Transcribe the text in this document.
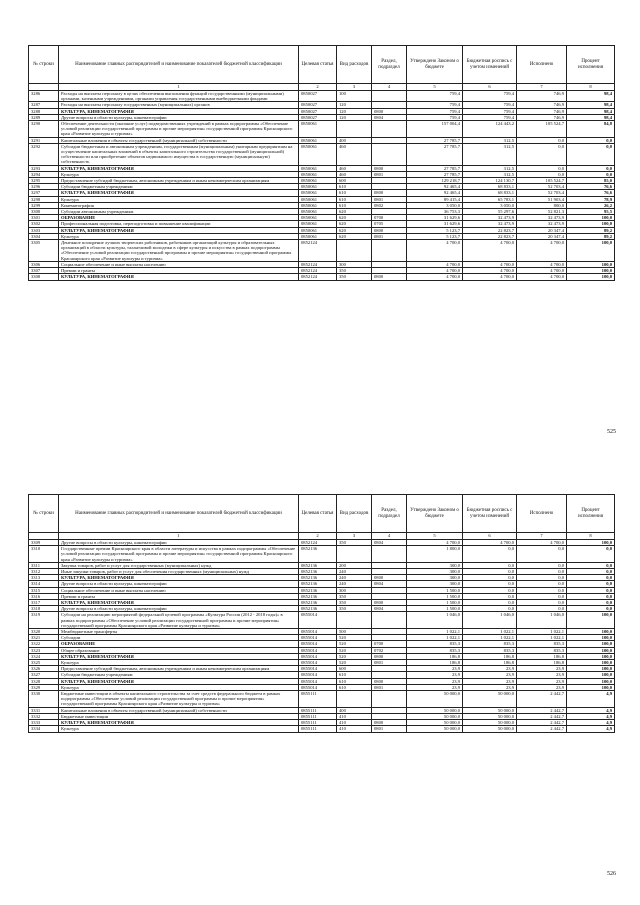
№ строки	Наименование главных распорядителей и наименование показателей бюджетной классификации	Целевая статья	Вид расходов	Раздел, подраздел	Утверждено Законом о бюджете	Бюджетная роспись с учетом изменений	Исполнено	Процент исполнения
	1	2	3	4	5	6	7	8
3286	Расходы на выплаты персоналу в целях обеспечения выполнения функций государственными (муниципальными) органами, казенными учреждениями, органами управления государственными внебюджетными фондами	0850027	100		759,4	759,4	746,9	98,4
3287	Расходы на выплаты персоналу государственных (муниципальных) органов	0850027	120		759,4	759,4	746,9	98,4
3288	КУЛЬТУРА, КИНЕМАТОГРАФИЯ	0850027	120	0800	759,4	759,4	746,9	98,4
3289	Другие вопросы в области культуры, кинематографии	0850027	120	0804	759,4	759,4	746,9	98,4
3290	Обеспечение деятельности (оказание услуг) подведомственных учреждений в рамках подпрограммы «Обеспечение условий реализации государственной программы и прочие мероприятия» государственной программы Красноярского края «Развитие культуры и туризма»	0850061			157 004,4	124 443,2	105 524,7	84,8
3291	Капитальные вложения в объекты государственной (муниципальной) собственности	0850061	400		27 785,7	312,5	0,0	0,0
3292	Субсидии бюджетным и автономным учреждениям, государственным (муниципальным) унитарным предприятиям на осуществление капитальных вложений в объекты капитального строительства государственной (муниципальной) собственности или приобретение объектов недвижимого имущества в государственную (муниципальную) собственность	0850061	460		27 785,7	312,5	0,0	0,0
3293	КУЛЬТУРА, КИНЕМАТОГРАФИЯ	0850061	460	0800	27 785,7	312,5	0,0	0,0
3294	Культура	0850061	460	0801	27 785,7	312,5	0,0	0,0
3295	Предоставление субсидий бюджетным, автономным учреждениям и иным некоммерческим организациям	0850061	600		129 218,7	124 130,7	105 524,7	85,0
3296	Субсидии бюджетным учреждениям	0850061	610		92 465,4	68 833,1	52 703,4	76,6
3297	КУЛЬТУРА, КИНЕМАТОГРАФИЯ	0850061	610	0800	92 465,4	68 833,1	52 703,4	76,6
3298	Культура	0850061	610	0801	89 415,4	65 783,1	51 903,4	78,9
3299	Кинематография	0850061	610	0802	3 050,0	3 050,0	800,0	26,2
3300	Субсидии автономным учреждениям	0850061	620		36 753,3	55 297,6	52 821,3	95,5
3301	ОБРАЗОВАНИЕ	0850061	620	0700	31 629,6	32 473,9	32 473,9	100,0
3302	Профессиональная подготовка, переподготовка и повышение квалификации	0850061	620	0705	31 629,6	32 473,9	32 473,9	100,0
3303	КУЛЬТУРА, КИНЕМАТОГРАФИЯ	0850061	620	0800	5 123,7	22 823,7	20 347,4	89,2
3304	Культура	0850061	620	0801	5 123,7	22 823,7	20 347,4	89,2
3305	Денежное поощрение лучших творческих работников, работников организаций культуры и образовательных организаций в области культуры, талантливой молодежи в сфере культуры и искусства в рамках подпрограммы «Обеспечение условий реализации государственной программы и прочие мероприятия» государственной программы Красноярского края «Развитие культуры и туризма»	0852124			4 700,0	4 700,0	4 700,0	100,0
3306	Социальное обеспечение и иные выплаты населению	0852124	300		4 700,0	4 700,0	4 700,0	100,0
3307	Премии и гранты	0852124	350		4 700,0	4 700,0	4 700,0	100,0
3308	КУЛЬТУРА, КИНЕМАТОГРАФИЯ	0852124	350	0800	4 700,0	4 700,0	4 700,0	100,0
525
№ строки	Наименование главных распорядителей и наименование показателей бюджетной классификации	Целевая статья	Вид расходов	Раздел, подраздел	Утверждено Законом о бюджете	Бюджетная роспись с учетом изменений	Исполнено	Процент исполнения
	1	2	3	4	5	6	7	8
3309	Другие вопросы в области культуры, кинематографии	0852124	350	0804	4 700,0	4 700,0	4 700,0	100,0
3310	Государственные премии Красноярского края в области литературы и искусства в рамках подпрограммы «Обеспечение условий реализации государственной программы и прочие мероприятия» государственной программы Красноярского края «Развитие культуры и туризма»	0852136			1 800,0	0,0	0,0	0,0
3311	Закупка товаров, работ и услуг для государственных (муниципальных) нужд	0852136	200		300,0	0,0	0,0	0,0
3312	Иные закупки товаров, работ и услуг для обеспечения государственных (муниципальных) нужд	0852136	240		300,0	0,0	0,0	0,0
3313	КУЛЬТУРА, КИНЕМАТОГРАФИЯ	0852136	240	0800	300,0	0,0	0,0	0,0
3314	Другие вопросы в области культуры, кинематографии	0852136	240	0804	300,0	0,0	0,0	0,0
3315	Социальное обеспечение и иные выплаты населению	0852136	300		1 500,0	0,0	0,0	0,0
3316	Премии и гранты	0852136	350		1 500,0	0,0	0,0	0,0
3317	КУЛЬТУРА, КИНЕМАТОГРАФИЯ	0852136	350	0800	1 500,0	0,0	0,0	0,0
3318	Другие вопросы в области культуры, кинематографии	0852136	350	0804	1 500,0	0,0	0,0	0,0
3319	Субсидии на реализацию мероприятий федеральной целевой программы «Культура России (2012 - 2018 годы)» в рамках подпрограммы «Обеспечение условий реализации государственной программы и прочие мероприятия» государственной программы Красноярского края «Развитие культуры и туризма»	0855014			1 046,0	1 046,0	1 046,0	100,0
3320	Межбюджетные трансферты	0855014	500		1 022,1	1 022,1	1 022,1	100,0
3321	Субсидии	0855014	520		1 022,1	1 022,1	1 022,1	100,0
3322	ОБРАЗОВАНИЕ	0855014	520	0700	835,3	835,3	835,3	100,0
3323	Общее образование	0855014	520	0702	835,3	835,3	835,3	100,0
3324	КУЛЬТУРА, КИНЕМАТОГРАФИЯ	0855014	520	0800	186,8	186,8	186,8	100,0
3325	Культура	0855014	520	0801	186,8	186,8	186,8	100,0
3326	Предоставление субсидий бюджетным, автономным учреждениям и иным некоммерческим организациям	0855014	600		23,9	23,9	23,9	100,0
3327	Субсидии бюджетным учреждениям	0855014	610		23,9	23,9	23,9	100,0
3328	КУЛЬТУРА, КИНЕМАТОГРАФИЯ	0855014	610	0800	23,9	23,9	23,9	100,0
3329	Культура	0855014	610	0801	23,9	23,9	23,9	100,0
3330	Бюджетные инвестиции в объекты капитального строительства за счет средств федерального бюджета в рамках подпрограммы «Обеспечение условий реализации государственной программы и прочие мероприятия» государственной программы Красноярского края «Развитие культуры и туризма»	0855111			50 000,0	50 000,0	2 442,7	4,9
3331	Капитальные вложения в объекты государственной (муниципальной) собственности	0855111	400		50 000,0	50 000,0	2 442,7	4,9
3332	Бюджетные инвестиции	0855111	410		50 000,0	50 000,0	2 442,7	4,9
3333	КУЛЬТУРА, КИНЕМАТОГРАФИЯ	0855111	410	0800	50 000,0	50 000,0	2 442,7	4,9
3334	Культура	0855111	410	0801	50 000,0	50 000,0	2 442,7	4,9
526
